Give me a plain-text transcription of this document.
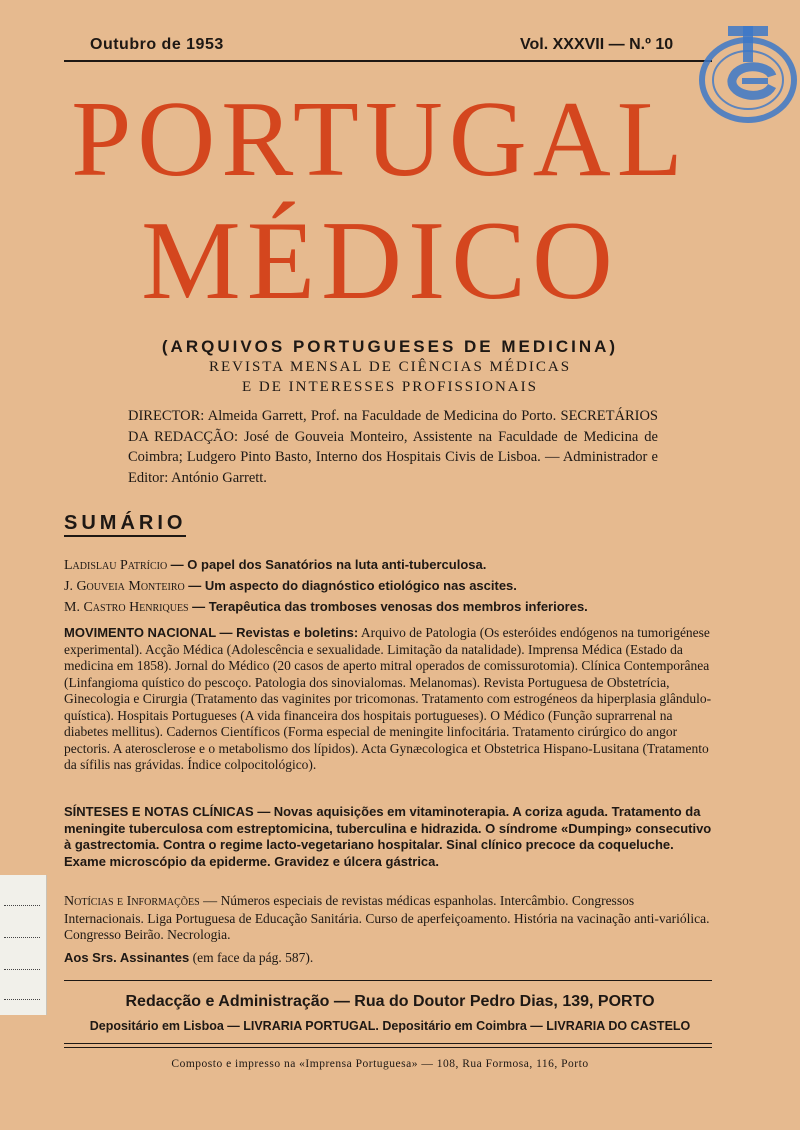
Outubro de 1953	Vol. XXXVII — N.º 10
PORTUGAL
MÉDICO
(ARQUIVOS PORTUGUESES DE MEDICINA)
REVISTA MENSAL DE CIÊNCIAS MÉDICAS
E DE INTERESSES PROFISSIONAIS
DIRECTOR: Almeida Garrett, Prof. na Faculdade de Medicina do Porto. SECRETÁRIOS DA REDACÇÃO: José de Gouveia Monteiro, Assistente na Faculdade de Medicina de Coimbra; Ludgero Pinto Basto, Interno dos Hospitais Civis de Lisboa. — Administrador e Editor: António Garrett.
SUMÁRIO
Ladislau Patrício — O papel dos Sanatórios na luta anti-tuberculosa.
J. Gouveia Monteiro — Um aspecto do diagnóstico etiológico nas ascites.
M. Castro Henriques — Terapêutica das tromboses venosas dos membros inferiores.
MOVIMENTO NACIONAL — Revistas e boletins: Arquivo de Patologia (Os esteróides endógenos na tumorigénese experimental). Acção Médica (Adolescência e sexualidade. Limitação da natalidade). Imprensa Médica (Estado da medicina em 1858). Jornal do Médico (20 casos de aperto mitral operados de comissurotomia). Clínica Contemporânea (Linfangioma quístico do pescoço. Patologia dos sinovialomas. Melanomas). Revista Portuguesa de Obstetrícia, Ginecologia e Cirurgia (Tratamento das vaginites por tricomonas. Tratamento com estrogéneos da hiperplasia glândulo-quística). Hospitais Portugueses (A vida financeira dos hospitais portugueses). O Médico (Função suprarrenal na diabetes mellitus). Cadernos Científicos (Forma especial de meningite linfocitária. Tratamento cirúrgico do angor pectoris. A aterosclerose e o metabolismo dos lípidos). Acta Gynæcologica et Obstetrica Hispano-Lusitana (Tratamento da sífilis nas grávidas. Índice colpocitológico).
SÍNTESES E NOTAS CLÍNICAS — Novas aquisições em vitaminoterapia. A coriza aguda. Tratamento da meningite tuberculosa com estreptomicina, tuberculina e hidrazida. O síndrome «Dumping» consecutivo à gastrectomia. Contra o regime lacto-vegetariano hospitalar. Sinal clínico precoce da coqueluche. Exame microscópio da epiderme. Gravidez e úlcera gástrica.
Notícias e Informações — Números especiais de revistas médicas espanholas. Intercâmbio. Congressos Internacionais. Liga Portuguesa de Educação Sanitária. Curso de aperfeiçoamento. História na vacinação anti-variólica. Congresso Beirão. Necrologia.
Aos Srs. Assinantes (em face da pág. 587).
Redacção e Administração — Rua do Doutor Pedro Dias, 139, PORTO
Depositário em Lisboa — LIVRARIA PORTUGAL. Depositário em Coimbra — LIVRARIA DO CASTELO
Composto e impresso na «Imprensa Portuguesa» — 108, Rua Formosa, 116, Porto
